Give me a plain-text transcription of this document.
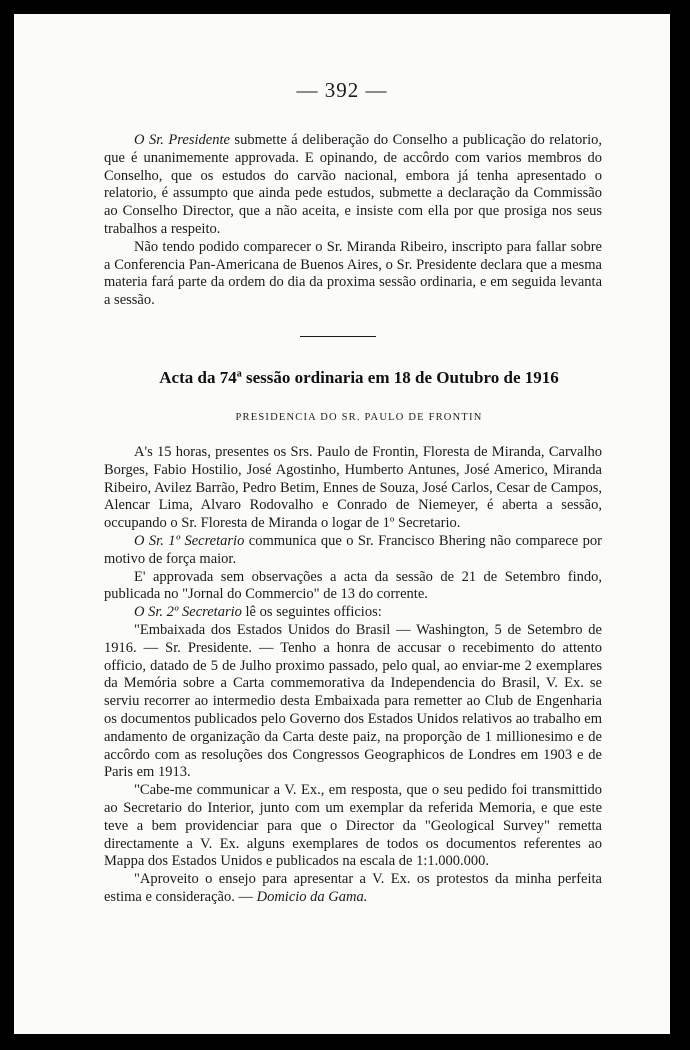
— 392 —

O Sr. Presidente submette á deliberação do Conselho a publicação do relatorio, que é unanimemente approvada. E opinando, de accôrdo com varios membros do Conselho, que os estudos do carvão nacional, embora já tenha apresentado o relatorio, é assumpto que ainda pede estudos, submette a declaração da Commissão ao Conselho Director, que a não aceita, e insiste com ella por que prosiga nos seus trabalhos a respeito.

Não tendo podido comparecer o Sr. Miranda Ribeiro, inscripto para fallar sobre a Conferencia Pan-Americana de Buenos Aires, o Sr. Presidente declara que a mesma materia fará parte da ordem do dia da proxima sessão ordinaria, e em seguida levanta a sessão.

Acta da 74$^a$ sessão ordinaria em 18 de Outubro de 1916
PRESIDENCIA DO SR. PAULO DE FRONTIN

A's 15 horas, presentes os Srs. Paulo de Frontin, Floresta de Miranda, Carvalho Borges, Fabio Hostilio, José Agostinho, Humberto Antunes, José Americo, Miranda Ribeiro, Avilez Barrão, Pedro Betim, Ennes de Souza, José Carlos, Cesar de Campos, Alencar Lima, Alvaro Rodovalho e Conrado de Niemeyer, é aberta a sessão, occupando o Sr. Floresta de Miranda o logar de 1º Secretario.

O Sr. 1º Secretario communica que o Sr. Francisco Bhering não comparece por motivo de força maior.

E' approvada sem observações a acta da sessão de 21 de Setembro findo, publicada no "Jornal do Commercio" de 13 do corrente.

O Sr. 2º Secretario lê os seguintes officios:

"Embaixada dos Estados Unidos do Brasil — Washington, 5 de Setembro de 1916. — Sr. Presidente. — Tenho a honra de accusar o recebimento do attento officio, datado de 5 de Julho proximo passado, pelo qual, ao enviar-me 2 exemplares da Memória sobre a Carta commemorativa da Independencia do Brasil, V. Ex. se serviu recorrer ao intermedio desta Embaixada para remetter ao Club de Engenharia os documentos publicados pelo Governo dos Estados Unidos relativos ao trabalho em andamento de organização da Carta deste paiz, na proporção de 1 millionesimo e de accôrdo com as resoluções dos Congressos Geographicos de Londres em 1903 e de Paris em 1913.

"Cabe-me communicar a V. Ex., em resposta, que o seu pedido foi transmittido ao Secretario do Interior, junto com um exemplar da referida Memoria, e que este teve a bem providenciar para que o Director da "Geological Survey" remetta directamente a V. Ex. alguns exemplares de todos os documentos referentes ao Mappa dos Estados Unidos e publicados na escala de 1:1.000.000.

"Aproveito o ensejo para apresentar a V. Ex. os protestos da minha perfeita estima e consideração. — Domicio da Gama.
